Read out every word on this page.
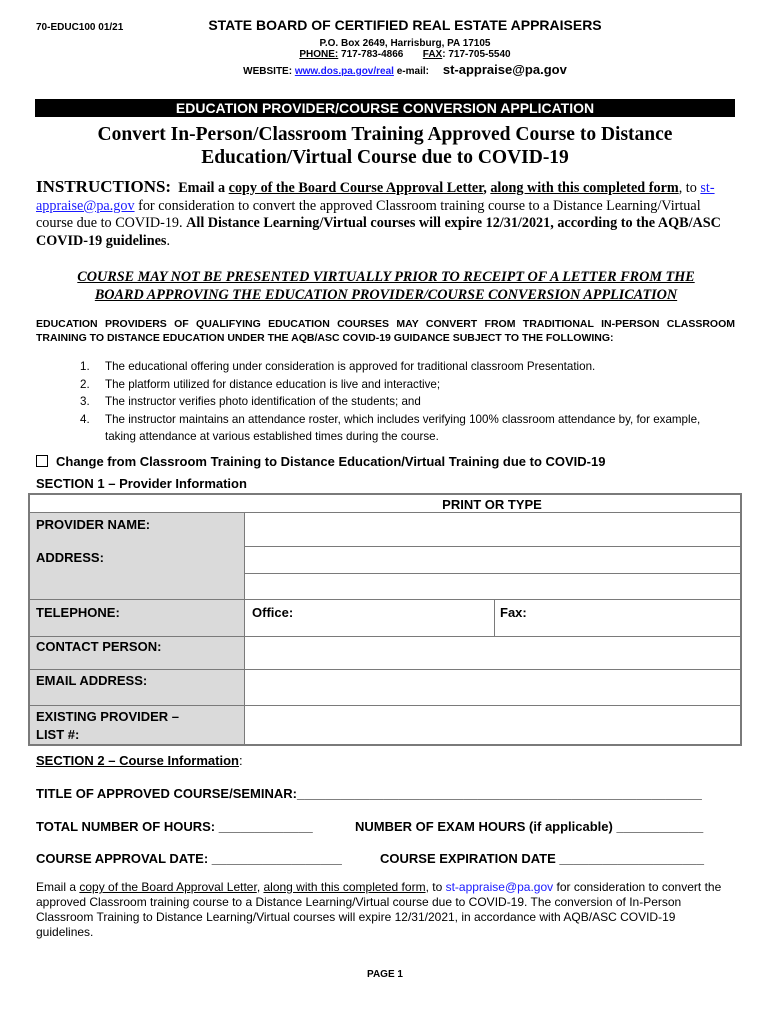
70-EDUC100 01/21	STATE BOARD OF CERTIFIED REAL ESTATE APPRAISERS
P.O. Box 2649, Harrisburg, PA 17105
PHONE: 717-783-4866 FAX: 717-705-5540
WEBSITE: www.dos.pa.gov/real e-mail: st-appraise@pa.gov
EDUCATION PROVIDER/COURSE CONVERSION APPLICATION
Convert In-Person/Classroom Training Approved Course to Distance
Education/Virtual Course due to COVID-19
INSTRUCTIONS: Email a copy of the Board Course Approval Letter, along with this completed form, to st-appraise@pa.gov for consideration to convert the approved Classroom training course to a Distance Learning/Virtual course due to COVID-19. All Distance Learning/Virtual courses will expire 12/31/2021, according to the AQB/ASC COVID-19 guidelines.
COURSE MAY NOT BE PRESENTED VIRTUALLY PRIOR TO RECEIPT OF A LETTER FROM THE
BOARD APPROVING THE EDUCATION PROVIDER/COURSE CONVERSION APPLICATION
EDUCATION PROVIDERS OF QUALIFYING EDUCATION COURSES MAY CONVERT FROM TRADITIONAL IN-PERSON CLASSROOM TRAINING TO DISTANCE EDUCATION UNDER THE AQB/ASC COVID-19 GUIDANCE SUBJECT TO THE FOLLOWING:
1. The educational offering under consideration is approved for traditional classroom Presentation.
2. The platform utilized for distance education is live and interactive;
3. The instructor verifies photo identification of the students; and
4. The instructor maintains an attendance roster, which includes verifying 100% classroom attendance by, for example, taking attendance at various established times during the course.
Change from Classroom Training to Distance Education/Virtual Training due to COVID-19
SECTION 1 – Provider Information
PRINT OR TYPE
PROVIDER NAME:
ADDRESS:
TELEPHONE:	Office:	Fax:
CONTACT PERSON:
EMAIL ADDRESS:
EXISTING PROVIDER –
LIST #:
SECTION 2 – Course Information:
TITLE OF APPROVED COURSE/SEMINAR:________________________________________________________
TOTAL NUMBER OF HOURS: _____________	NUMBER OF EXAM HOURS (if applicable) ____________
COURSE APPROVAL DATE: __________________	COURSE EXPIRATION DATE ____________________
Email a copy of the Board Approval Letter, along with this completed form, to st-appraise@pa.gov for consideration to convert the approved Classroom training course to a Distance Learning/Virtual course due to COVID-19. The conversion of In-Person Classroom Training to Distance Learning/Virtual courses will expire 12/31/2021, in accordance with AQB/ASC COVID-19 guidelines.
PAGE 1
